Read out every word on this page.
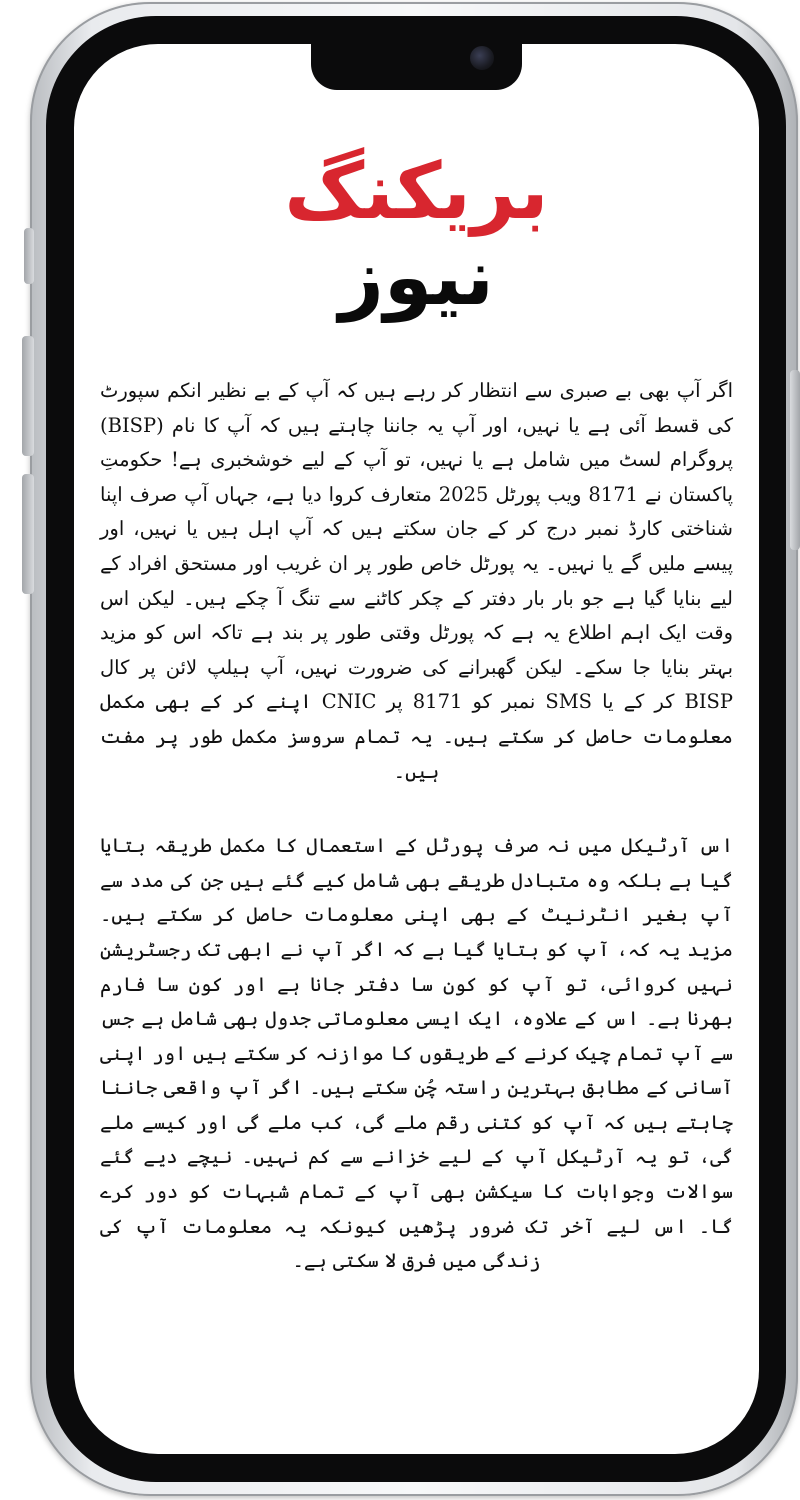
بریکنگ
نیوز

اگر آپ بھی بے صبری سے انتظار کر رہے ہیں کہ آپ کے بے نظیر انکم سپورٹ کی قسط آئی ہے یا نہیں، اور آپ یہ جاننا چاہتے ہیں کہ آپ کا نام (BISP) پروگرام لسٹ میں شامل ہے یا نہیں، تو آپ کے لیے خوشخبری ہے! حکومتِ پاکستان نے 8171 ویب پورٹل 2025 متعارف کروا دیا ہے، جہاں آپ صرف اپنا شناختی کارڈ نمبر درج کر کے جان سکتے ہیں کہ آپ اہل ہیں یا نہیں، اور پیسے ملیں گے یا نہیں۔ یہ پورٹل خاص طور پر ان غریب اور مستحق افراد کے لیے بنایا گیا ہے جو بار بار دفتر کے چکر کاٹنے سے تنگ آ چکے ہیں۔ لیکن اس وقت ایک اہم اطلاع یہ ہے کہ پورٹل وقتی طور پر بند ہے تاکہ اس کو مزید بہتر بنایا جا سکے۔ لیکن گھبرانے کی ضرورت نہیں، آپ ہیلپ لائن پر کال BISP کر کے یا SMS نمبر کو 8171 پر CNIC اپنے کر کے بھی مکمل معلومات حاصل کر سکتے ہیں۔ یہ تمام سروسز مکمل طور پر مفت ہیں۔

اس آرٹیکل میں نہ صرف پورٹل کے استعمال کا مکمل طریقہ بتایا گیا ہے بلکہ وہ متبادل طریقے بھی شامل کیے گئے ہیں جن کی مدد سے آپ بغیر انٹرنیٹ کے بھی اپنی معلومات حاصل کر سکتے ہیں۔ مزید یہ کہ، آپ کو بتایا گیا ہے کہ اگر آپ نے ابھی تک رجسٹریشن نہیں کروائی، تو آپ کو کون سا دفتر جانا ہے اور کون سا فارم بھرنا ہے۔ اس کے علاوہ، ایک ایسی معلوماتی جدول بھی شامل ہے جس سے آپ تمام چیک کرنے کے طریقوں کا موازنہ کر سکتے ہیں اور اپنی آسانی کے مطابق بہترین راستہ چُن سکتے ہیں۔ اگر آپ واقعی جاننا چاہتے ہیں کہ آپ کو کتنی رقم ملے گی، کب ملے گی اور کیسے ملے گی، تو یہ آرٹیکل آپ کے لیے خزانے سے کم نہیں۔ نیچے دیے گئے سوالات وجوابات کا سیکشن بھی آپ کے تمام شبہات کو دور کرے گا۔ اس لیے آخر تک ضرور پڑھیں کیونکہ یہ معلومات آپ کی زندگی میں فرق لا سکتی ہے۔
